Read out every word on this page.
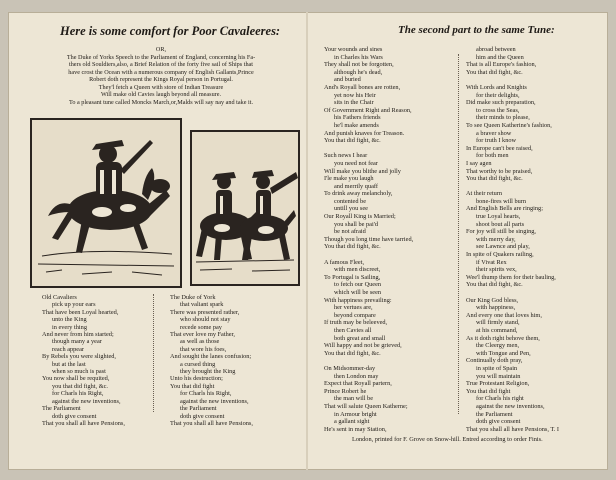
Here is some comfort for Poor Cavaleeres:
OR,
The Duke of Yorks Speech to the Parliament of England, concerning his Fa-
thers old Souldiers,also, a Brief Relation of the forty five sail of Ships that
have crost the Ocean with a numerous company of English Gallants,Prince
Robert doth represent the Kings Royal person in Portugal.
They'l fetch a Queen with store of Indian Treasure
Will make old Cavies laugh beyond all measure.
To a pleasant tune called Moncks March,or,Malds will say nay and take it.
Old Cavaliers
pick up your ears
That have been Loyal hearted,
unto the King
in every thing
And never from him started;
though many a year
reach appear
By Rebels you were slighted,
but at the last
when so much is past
You now shall be requited,
you that did fight, &c.
for Charls his Right,
against the new inventions,
The Parliament
doth give consent
That you shall all have Pensions,
The Duke of York
that valiant spark
There was presented rather,
who should not stay
recede some pay
That ever love my Father,
as well as those
that wore his foes,
And sought the lanes confusion;
a cursed thing
they brought the King
Unto his destruction;
You that did fight
for Charls his Right,
against the new inventions,
the Parliament
doth give consent
That you shall all have Pensions,
The second part to the same Tune:
Your wounds and sines
in Charles his Wars
They shall not be forgotten,
although he's dead,
and buried
And's Royall bones are rotten,
yet now his Heir
sits in the Chair
Of Government Right and Reason,
his Fathers friends
he'l make amends
And punish knaves for Treason.
You that did fight, &c.

Such news I hear
you need not fear
Will make you blithe and jolly
I'le make you laugh
and merrily quaff
To drink away melancholy,
contented be
untill you see
Our Royall King is Married;
you shall be pai'd
be not afraid
Though you long time have tarried,
You that did fight, &c.

A famous Fleet,
with men discreet,
To Portugal is Sailing,
to fetch our Queen
which will be seen
With happiness prevailing:
her vertues are,
beyond compare
If truth may be beleeved,
then Cavies all
both great and small
Will happy and not be grieved,
You that did fight, &c.

On Midsommer-day
then London may
Expect that Royall partern,
Prince Robert he
the man will be
That will salute Queen Katherne;
in Armour bright
a gallant sight
He's sent in may Station,
abroad between
him and the Queen
That is all Europe's fashion,
You that did fight, &c.

With Lords and Knights
for their delights,
Did make such preparation,
to cross the Seas,
their minds to please,
To see Queen Katherine's fashion,
a braver show
for truth I know
In Europe can't bee raised,
for both men
I say agen
That worthy to be praised,
You that did fight, &c.

At their return
bone-fires will burn
And English Bells are ringing;
true Loyal hearts,
shoot bout all parts
For joy will still be singing,
with merry day,
see Lawnce and play,
In spite of Quakers railing,
if Vivat Rex
their spirits vex,
Wee'l thump them for their bauling,
You that did fight, &c.

Our King God bless,
with happiness,
And every one that loves him,
will firmly stand,
at his command,
As it doth right behove them,
the Cleergy men,
with Tongue and Pen,
Continually doth pray,
in spite of Spain
you will maintain
True Protestant Religion,
You that did fight
for Charls his right
against the new inventions,
the Parliament
doth give consent
That you shall all have Pensions, T. I
London, printed for F. Grove on Snow-hill. Entred according to order Finis.
